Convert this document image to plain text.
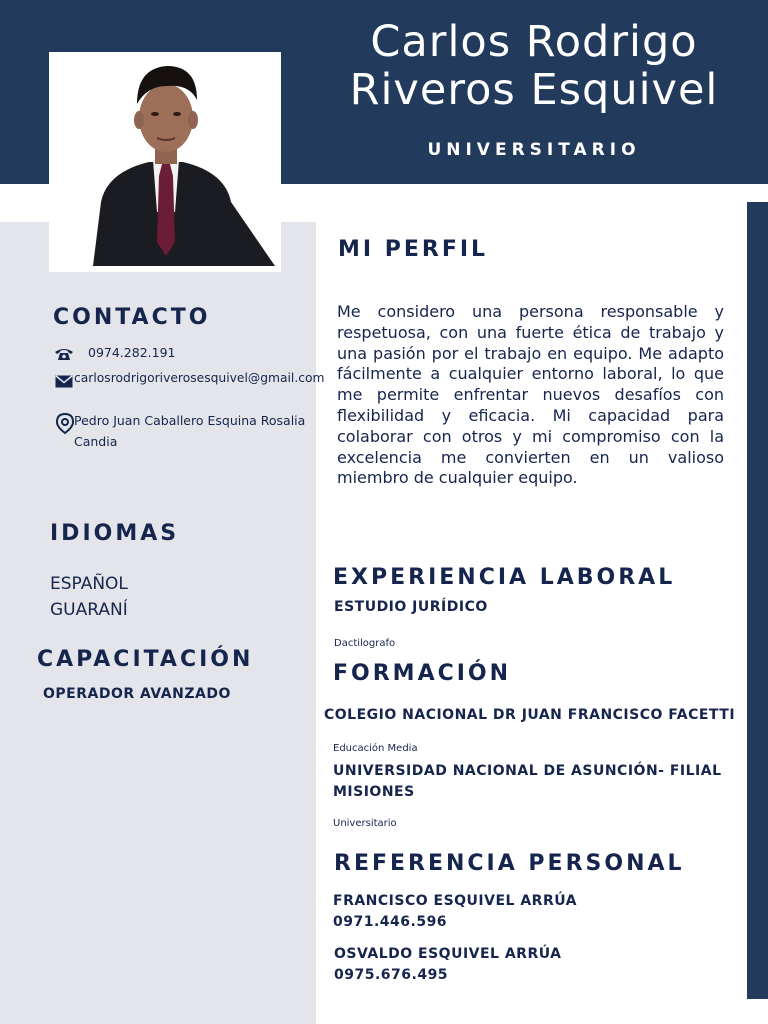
Carlos Rodrigo
Riveros Esquivel
UNIVERSITARIO
CONTACTO
0974.282.191
carlosrodrigoriverosesquivel@gmail.com
Pedro Juan Caballero Esquina Rosalia
Candia
IDIOMAS
ESPAÑOL
GUARANÍ
CAPACITACIÓN
OPERADOR AVANZADO
MI PERFIL
Me considero una persona responsable y respetuosa, con una fuerte ética de trabajo y una pasión por el trabajo en equipo. Me adapto fácilmente a cualquier entorno laboral, lo que me permite enfrentar nuevos desafíos con flexibilidad y eficacia. Mi capacidad para colaborar con otros y mi compromiso con la excelencia me convierten en un valioso miembro de cualquier equipo.
EXPERIENCIA LABORAL
ESTUDIO JURÍDICO
Dactilografo
FORMACIÓN
COLEGIO NACIONAL DR JUAN FRANCISCO FACETTI
Educación Media
UNIVERSIDAD NACIONAL DE ASUNCIÓN- FILIAL
MISIONES
Universitario
REFERENCIA PERSONAL
FRANCISCO ESQUIVEL ARRÚA
0971.446.596
OSVALDO ESQUIVEL ARRÚA
0975.676.495
